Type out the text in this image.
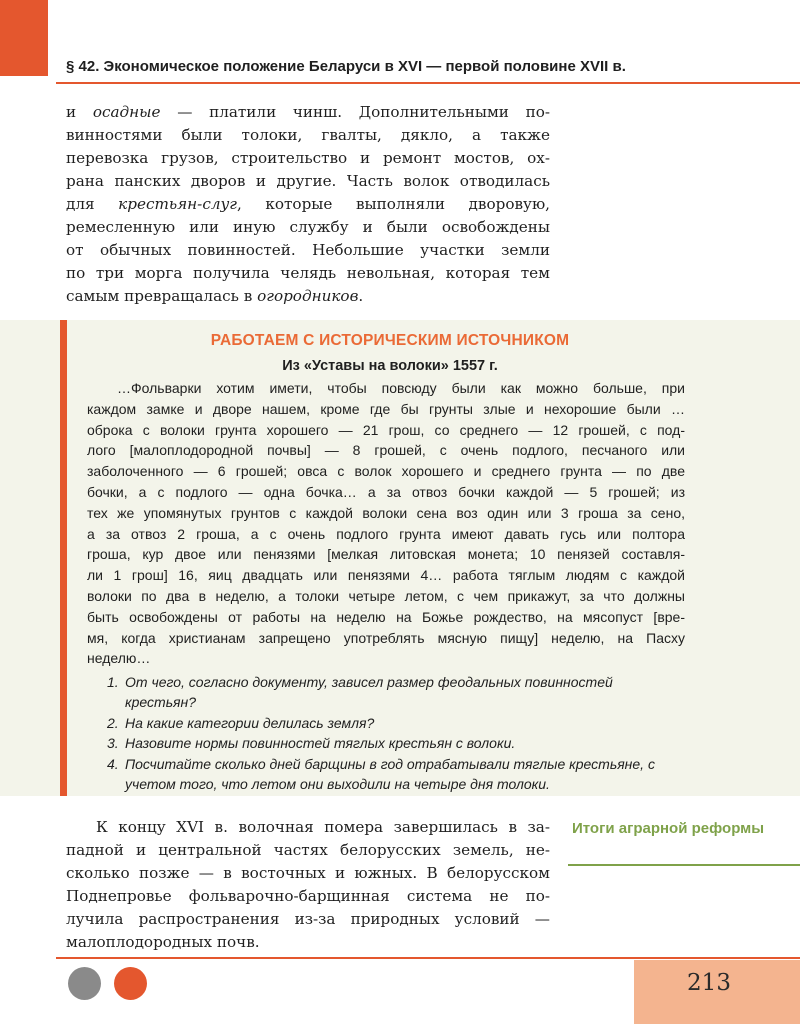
§ 42. Экономическое положение Беларуси в XVI — первой половине XVII в.
и осадные — платили чинш. Дополнительными по-
винностями были толоки, гвалты, дякло, а также
перевозка грузов, строительство и ремонт мостов, ох-
рана панских дворов и другие. Часть волок отводилась
для крестьян-слуг, которые выполняли дворовую,
ремесленную или иную службу и были освобождены
от обычных повинностей. Небольшие участки земли
по три морга получила челядь невольная, которая тем
самым превращалась в огородников.
РАБОТАЕМ С ИСТОРИЧЕСКИМ ИСТОЧНИКОМ
Из «Уставы на волоки» 1557 г.
…Фольварки хотим имети, чтобы повсюду были как можно больше, при
каждом замке и дворе нашем, кроме где бы грунты злые и нехорошие были …
оброка с волоки грунта хорошего — 21 грош, со среднего — 12 грошей, с под-
лого [малоплодородной почвы] — 8 грошей, с очень подлого, песчаного или
заболоченного — 6 грошей; овса с волок хорошего и среднего грунта — по две
бочки, а с подлого — одна бочка… а за отвоз бочки каждой — 5 грошей; из
тех же упомянутых грунтов с каждой волоки сена воз один или 3 гроша за сено,
а за отвоз 2 гроша, а с очень подлого грунта имеют давать гусь или полтора
гроша, кур двое или пенязями [мелкая литовская монета; 10 пенязей составля-
ли 1 грош] 16, яиц двадцать или пенязями 4… работа тяглым людям с каждой
волоки по два в неделю, а толоки четыре летом, с чем прикажут, за что должны
быть освобождены от работы на неделю на Божье рождество, на мясопуст [вре-
мя, когда христианам запрещено употреблять мясную пищу] неделю, на Пасху
неделю…
1. От чего, согласно документу, зависел размер феодальных повинностей крестьян?
2. На какие категории делилась земля?
3. Назовите нормы повинностей тяглых крестьян с волоки.
4. Посчитайте сколько дней барщины в год отрабатывали тяглые крестьяне, с учетом того, что летом они выходили на четыре дня толоки.
К концу XVI в. волочная померa завершилась в за-
падной и центральной частях белорусских земель, не-
сколько позже — в восточных и южных. В белорусском
Поднепровье фольварочно-барщинная система не по-
лучила распространения из-за природных условий —
малоплодородных почв.
Итоги аграрной реформы
213
